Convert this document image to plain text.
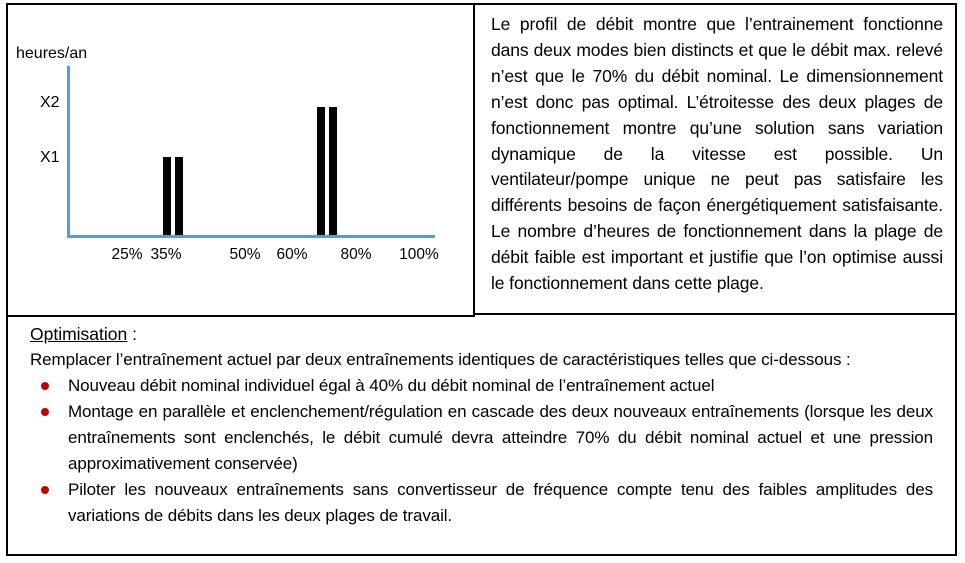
heures/an
X2
X1
25% 35%	50% 60% 80% 100%

Le profil de débit montre que l’entrainement fonctionne dans deux modes bien distincts et que le débit max. relevé n’est que le 70% du débit nominal. Le dimensionnement n’est donc pas optimal. L’étroitesse des deux plages de fonctionnement montre qu’une solution sans variation dynamique de la vitesse est possible. Un ventilateur/pompe unique ne peut pas satisfaire les différents besoins de façon énergétiquement satisfaisante. Le nombre d’heures de fonctionnement dans la plage de débit faible est important et justifie que l’on optimise aussi le fonctionnement dans cette plage.

Optimisation :

Remplacer l’entraînement actuel par deux entraînements identiques de caractéristiques telles que ci-dessous :

Nouveau débit nominal individuel égal à 40% du débit nominal de l’entraînement actuel
Montage en parallèle et enclenchement/régulation en cascade des deux nouveaux entraînements (lorsque les deux entraînements sont enclenchés, le débit cumulé devra atteindre 70% du débit nominal actuel et une pression approximativement conservée)
Piloter les nouveaux entraînements sans convertisseur de fréquence compte tenu des faibles amplitudes des variations de débits dans les deux plages de travail.
